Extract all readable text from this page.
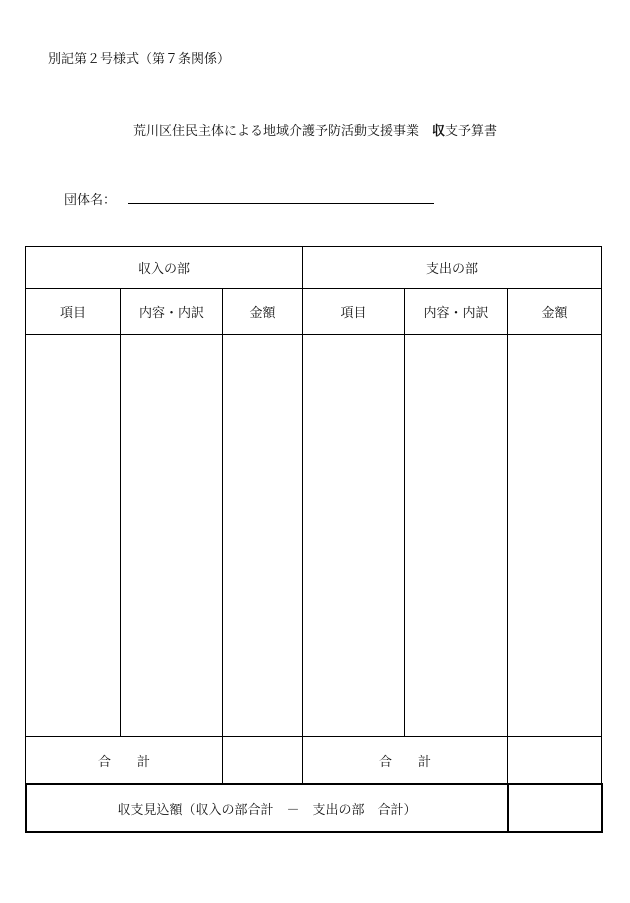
別記第２号様式（第７条関係）
荒川区住民主体による地域介護予防活動支援事業　 収支予算書
団体名：
収入の部			支出の部		
項目	内容・内訳	金額	項目	内容・内訳	金額

合　　計			合　　計		
収支見込額（収入の部合計　－　支出の部　合計）	
